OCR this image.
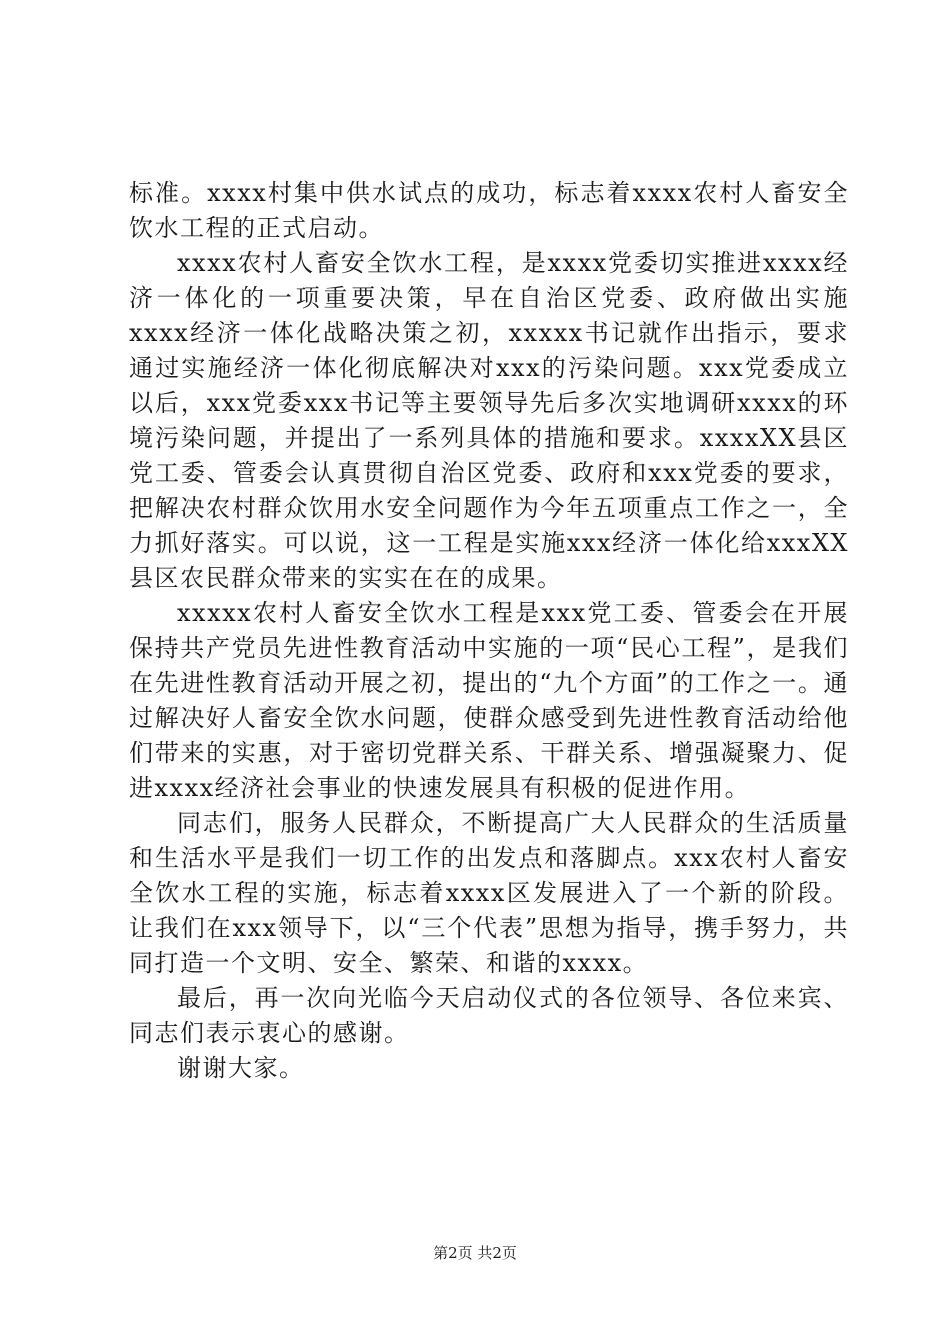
标准。xxxx村集中供水试点的成功，标志着xxxx农村人畜安全饮水工程的正式启动。

xxxx农村人畜安全饮水工程，是xxxx党委切实推进xxxx经济一体化的一项重要决策，早在自治区党委、政府做出实施xxxx经济一体化战略决策之初，xxxxx书记就作出指示，要求通过实施经济一体化彻底解决对xxx的污染问题。xxx党委成立以后，xxx党委xxx书记等主要领导先后多次实地调研xxxx的环境污染问题，并提出了一系列具体的措施和要求。xxxxXX县区党工委、管委会认真贯彻自治区党委、政府和xxx党委的要求，把解决农村群众饮用水安全问题作为今年五项重点工作之一，全力抓好落实。可以说，这一工程是实施xxx经济一体化给xxxXX县区农民群众带来的实实在在的成果。

xxxxx农村人畜安全饮水工程是xxx党工委、管委会在开展保持共产党员先进性教育活动中实施的一项“民心工程”，是我们在先进性教育活动开展之初，提出的“九个方面”的工作之一。通过解决好人畜安全饮水问题，使群众感受到先进性教育活动给他们带来的实惠，对于密切党群关系、干群关系、增强凝聚力、促进xxxx经济社会事业的快速发展具有积极的促进作用。

同志们，服务人民群众，不断提高广大人民群众的生活质量和生活水平是我们一切工作的出发点和落脚点。xxx农村人畜安全饮水工程的实施，标志着xxxx区发展进入了一个新的阶段。让我们在xxx领导下，以“三个代表”思想为指导，携手努力，共同打造一个文明、安全、繁荣、和谐的xxxx。

最后，再一次向光临今天启动仪式的各位领导、各位来宾、同志们表示衷心的感谢。

谢谢大家。

第2页 共2页
